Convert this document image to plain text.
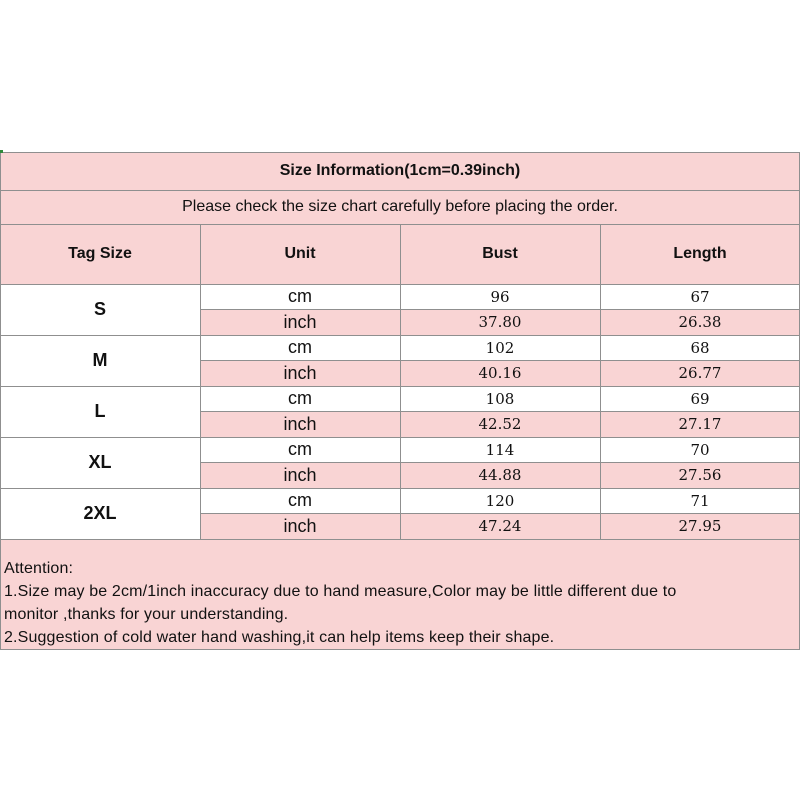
Size Information(1cm=0.39inch)
Please check the size chart carefully before placing the order.
Tag Size	Unit	Bust	Length
S
cm	96	67
inch	37.80	26.38
M
cm	102	68
inch	40.16	26.77
L
cm	108	69
inch	42.52	27.17
XL
cm	114	70
inch	44.88	27.56
2XL
cm	120	71
inch	47.24	27.95
Attention:
1.Size may be 2cm/1inch inaccuracy due to hand measure,Color may be little different due to
monitor ,thanks for your understanding.
2.Suggestion of cold water hand washing,it can help items keep their shape.
